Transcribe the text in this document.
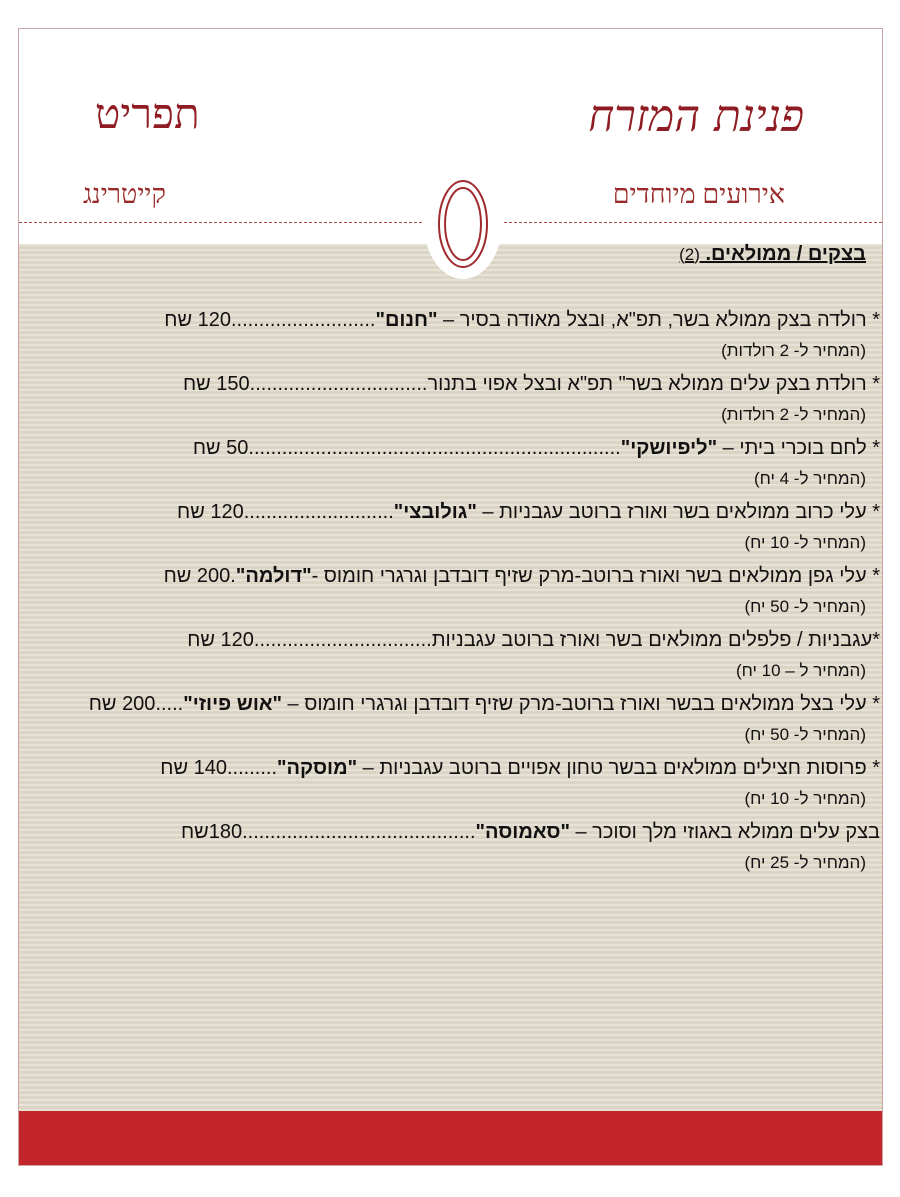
פנינת המזרח
תפריט
אירועים מיוחדים
קייטרינג
בצקים / ממולאים. (2)
* רולדה בצק ממולא בשר, תפ"א, ובצל מאודה בסיר – "חנום"..........................120 שח
(המחיר ל- 2 רולדות)
* רולדת בצק עלים ממולא בשר" תפ"א ובצל אפוי בתנור................................150 שח
(המחיר ל- 2 רולדות)
* לחם בוכרי ביתי – "ליפיושקי"...................................................................50 שח
(המחיר ל- 4 יח)
* עלי כרוב ממולאים בשר ואורז ברוטב עגבניות – "גולובצי"...........................120 שח
(המחיר ל- 10 יח)
* עלי גפן ממולאים בשר ואורז ברוטב-מרק שזיף דובדבן וגרגרי חומוס -"דולמה".200 שח
(המחיר ל- 50 יח)
*עגבניות / פלפלים ממולאים בשר ואורז ברוטב עגבניות................................120 שח
(המחיר ל – 10 יח)
* עלי בצל ממולאים בבשר ואורז ברוטב-מרק שזיף דובדבן וגרגרי חומוס – "אוש פיוזי".....200 שח
(המחיר ל- 50 יח)
* פרוסות חצילים ממולאים בבשר טחון אפויים ברוטב עגבניות – "מוסקה".........140 שח
(המחיר ל- 10 יח)
בצק עלים ממולא באגוזי מלך וסוכר – "סאמוסה"..........................................180שח
(המחיר ל- 25 יח)
